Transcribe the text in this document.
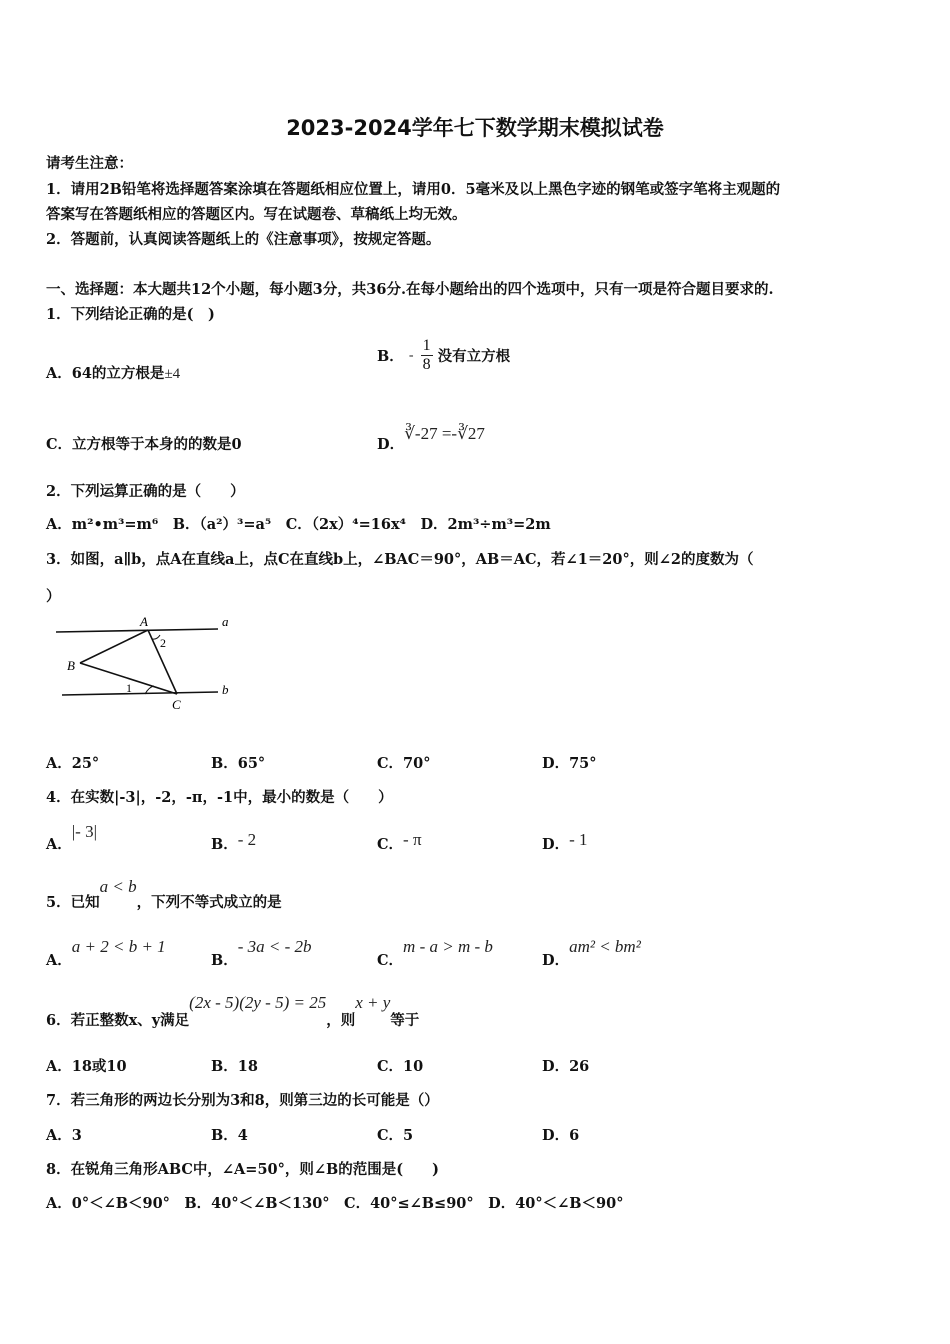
2023-2024学年七下数学期末模拟试卷
请考生注意：
1．请用2B铅笔将选择题答案涂填在答题纸相应位置上，请用0．5毫米及以上黑色字迹的钢笔或签字笔将主观题的
答案写在答题纸相应的答题区内。写在试题卷、草稿纸上均无效。
2．答题前，认真阅读答题纸上的《注意事项》，按规定答题。
一、选择题：本大题共12个小题，每小题3分，共36分.在每小题给出的四个选项中，只有一项是符合题目要求的.
1．下列结论正确的是(　)
A．64的立方根是±4
B． - $\frac{1}{8}$ 没有立方根
C．立方根等于本身的的数是0	D．∛-27 =-∛27
2．下列运算正确的是（　　）
A．m²•m³=m⁶　B．（a²）³=a⁵　C．（2x）⁴=16x⁴　D．2m³÷m³=2m
3．如图，a∥b，点A在直线a上，点C在直线b上，∠BAC＝90°，AB＝AC，若∠1＝20°，则∠2的度数为（
）
A
B
C
a
b
1
2
A．25°	B．65°	C．70°	D．75°
4．在实数|-3|，-2，-π，-1中，最小的数是（　　）
A．|- 3|
B．- 2	C．- π	D．- 1
5．已知a < b，下列不等式成立的是
A．a + 2 < b + 1
B．- 3a < - 2b
C．m - a > m - b
D．am² < bm²
6．若正整数x、y满足(2x - 5)(2y - 5) = 25，则x + y等于
A．18或10	B．18	C．10	D．26
7．若三角形的两边长分别为3和8，则第三边的长可能是（）
A．3	B．4	C．5	D．6
8．在锐角三角形ABC中，∠A=50°，则∠B的范围是(　　)
A．0°＜∠B＜90°　B．40°＜∠B＜130°　C．40°≤∠B≤90°　D．40°＜∠B＜90°
